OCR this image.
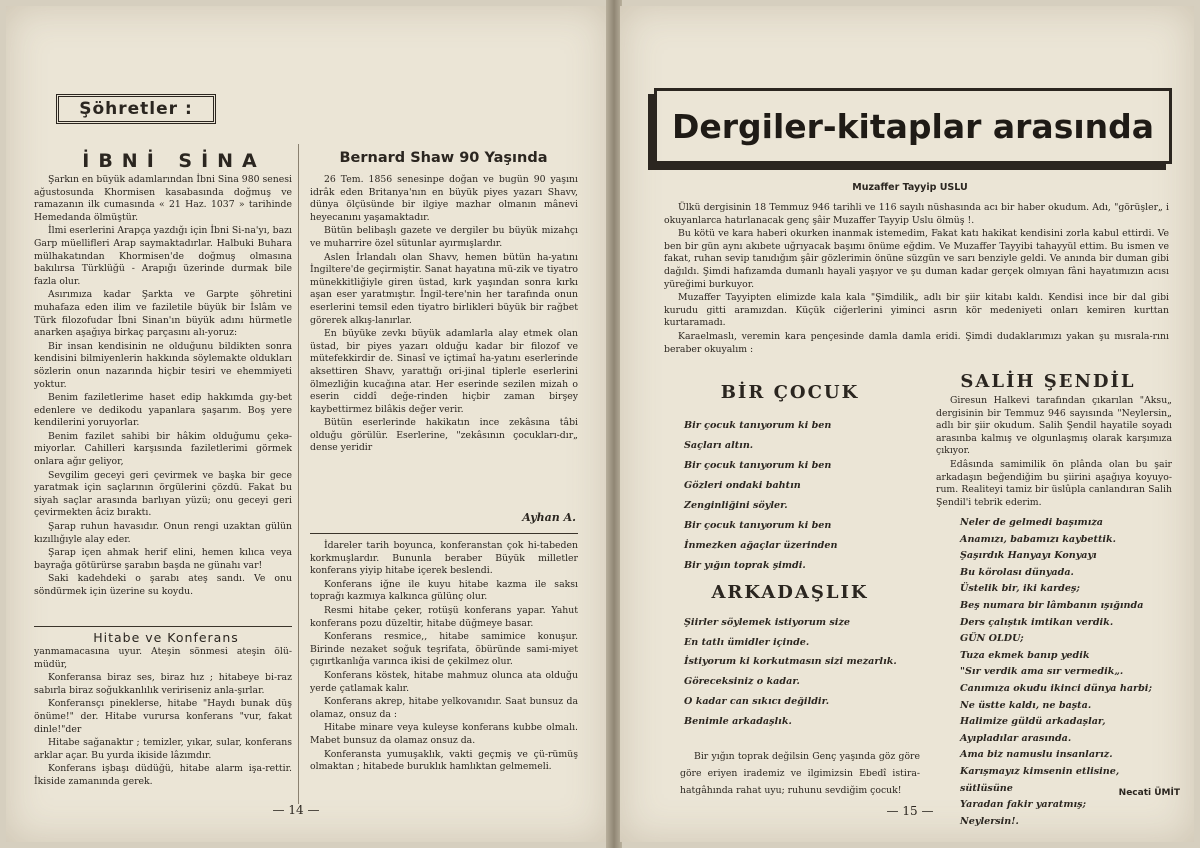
Şöhretler :
İBNİ SİNA	Bernard Shaw 90 Yaşında

Şarkın en büyük adamlarından İbni Sina 980 senesi ağustosunda Khormisen kasabasında doğmuş ve ramazanın ilk cumasında « 21 Haz. 1037 » tarihinde Hemedanda ölmüştür.

İlmi eserlerini Arapça yazdığı için İbni Si-na'yı, bazı Garp müellifleri Arap saymaktadırlar. Halbuki Buhara mülhakatından Khormisen'de doğmuş olmasına bakılırsa Türklüğü - Arapığı üzerinde durmak bile fazla olur.

Asırımıza kadar Şarkta ve Garpte şöhretini muhafaza eden ilim ve faziletile büyük bir İslâm ve Türk filozofudar İbni Sinan'ın büyük adını hürmetle anarken aşağıya birkaç parçasını alı-yoruz:

Bir insan kendisinin ne olduğunu bildikten sonra kendisini bilmiyenlerin hakkında söylemakte oldukları sözlerin onun nazarında hiçbir tesiri ve ehemmiyeti yoktur.

Benim faziletlerime haset edip hakkımda gıy-bet edenlere ve dedikodu yapanlara şaşarım. Boş yere kendilerini yoruyorlar.

Benim fazilet sahibi bir hâkim olduğumu çekə-miyorlar. Cahilleri karşısında faziletlerimi görmek onlara ağır geliyor,

Sevgilim geceyi geri çevirmek ve başka bir gece yaratmak için saçlarının örgülerini çözdü. Fakat bu siyah saçlar arasında barlıyan yüzü; onu geceyi geri çevirmekten âciz bıraktı.

Şarap ruhun havasıdır. Onun rengi uzaktan gülün kızıllığıyle alay eder.

Şarap içen ahmak herif elini, hemen kılıca veya bayrağa götürürse şarabın başda ne günahı var!

Saki kadehdeki o şarabı ateş sandı. Ve onu söndürmek için üzerine su koydu.

26 Tem. 1856 senesinpe doğan ve bugün 90 yaşını idrâk eden Britanya'nın en büyük piyes yazarı Shavv, dünya ölçüsünde bir ilgiye mazhar olmanın mânevi heyecanını yaşamaktadır.

Bütün belibaşlı gazete ve dergiler bu büyük mizahçı ve muharrire özel sütunlar ayırmışlardır.

Aslen İrlandalı olan Shavv, hemen bütün ha-yatını İngiltere'de geçirmiştir. Sanat hayatına mü-zik ve tiyatro münekkitliğiyle giren üstad, kırk yaşından sonra kırkı aşan eser yaratmıştır. İngil-tere'nin her tarafında onun eserlerini temsil eden tiyatro birlikleri büyük bir rağbet görerek alkış-lanırlar.

En büyüke zevkı büyük adamlarla alay etmek olan üstad, bir piyes yazarı olduğu kadar bir filozof ve mütefekkirdir de. Sinasî ve içtimaî ha-yatını eserlerinde aksettiren Shavv, yarattığı ori-jinal tiplerle eserlerini ölmezliğin kucağına atar. Her eserinde sezilen mizah o eserin ciddî değe-rinden hiçbir zaman birşey kaybettirmez bilâkis değer verir.

Bütün eserlerinde hakikatın ince zekâsına tâbi olduğu görülür. Eserlerine, "zekâsının çocukları-dır„ dense yeridir

Ayhan A.
Hitabe ve Konferans

yanmamacasına uyur. Ateşin sönmesi ateşin ölü-müdür,

Konferansa biraz ses, biraz hız ; hitabeye bi-raz sabırla biraz soğukkanlılık veririseniz anla-şırlar.

Konferansçı pineklerse, hitabe "Haydı bunak düş önüme!" der. Hitabe vurursa konferans "vur, fakat dinle!"der

Hitabe sağanaktır ; temizler, yıkar, sular, konferans arklar açar. Bu yurda ikiside lâzımdır.

Konferans işbaşı düdüğü, hitabe alarm işa-rettir. İkiside zamanında gerek.

İdareler tarih boyunca, konferanstan çok hi-tabeden korkmuşlardır. Bununla beraber Büyük milletler konferans yiyip hitabe içerek beslendi.

Konferans iğne ile kuyu hitabe kazma ile saksı toprağı kazmıya kalkınca gülünç olur.

Resmi hitabe çeker, rotüşü konferans yapar. Yahut konferans pozu düzeltir, hitabe düğmeye basar.

Konferans resmice,, hitabe samimice konuşur. Birinde nezaket soğuk teşrifata, öbüründe sami-miyet çıgırtkanlığa varınca ikisi de çekilmez olur.

Konferans köstek, hitabe mahmuz olunca ata olduğu yerde çatlamak kalır.

Konferans akrep, hitabe yelkovanıdır. Saat bunsuz da olamaz, onsuz da :

Hitabe minare veya kuleyse konferans kubbe olmalı. Mabet bunsuz da olamaz onsuz da.

Konferansta yumuşaklık, vakti geçmiş ve çü-rümüş olmaktan ; hitabede buruklık hamlıktan gelmemeli.

— 14 —
Dergiler-kitaplar arasında
Muzaffer Tayyip USLU

Ülkü dergisinin 18 Temmuz 946 tarihli ve 116 sayılı nüshasında acı bir haber okudum. Adı, "görüşler„ i okuyanlarca hatırlanacak genç şâir Muzaffer Tayyip Uslu ölmüş !.

Bu kötü ve kara haberi okurken inanmak istemedim, Fakat katı hakikat kendisini zorla kabul ettirdi. Ve ben bir gün aynı akıbete uğrıyacak başımı önüme eğdim. Ve Muzaffer Tayyibi tahayyül ettim. Bu ismen ve fakat, ruhan sevip tanıdığım şâir gözlerimin önüne süzgün ve sarı benziyle geldi. Ve anında bir duman gibi dağıldı. Şimdi hafızamda dumanlı hayali yaşıyor ve şu duman kadar gerçek olmıyan fâni hayatımızın acısı yüreğimi burkuyor.

Muzaffer Tayyipten elimizde kala kala "Şimdilik„ adlı bir şiir kitabı kaldı. Kendisi ince bir dal gibi kurudu gitti aramızdan. Küçük ciğerlerini yiminci asrın kör medeniyeti onları kemiren kurttan kurtaramadı.

Karaelmaslı, veremin kara pençesinde damla damla eridi. Şimdi dudaklarımızı yakan şu mısrala-rını beraber okuyalım :

BİR ÇOCUK

Bir çocuk tanıyorum ki ben

Saçları altın.

Bir çocuk tanıyorum ki ben

Gözleri ondaki bahtın

Zenginliğini söyler.

Bir çocuk tanıyorum ki ben

İnmezken ağaçlar üzerinden

Bir yığın toprak şimdi.

ARKADAŞLIK

Şiirler söylemek istiyorum size

En tatlı ümidler içinde.

İstiyorum ki korkutmasın sizi mezarlık.

Göreceksiniz o kadar.

O kadar can sıkıcı değildir.

Benimle arkadaşlık.

Bir yığın toprak değilsin Genç yaşında göz göre göre eriyen irademiz ve ilgimizsin Ebedî istira-hatgâhında rahat uyu; ruhunu sevdiğim çocuk!

SALİH ŞENDİL

Giresun Halkevi tarafından çıkarılan "Aksu„ dergisinin bir Temmuz 946 sayısında "Neylersin„ adlı bir şiir okudum. Salih Şendil hayatile soyadı arasınba kalmış ve olgunlaşmış olarak karşımıza çıkıyor.

Edâsında samimilik ön plânda olan bu şair arkadaşın beğendiğim bu şiirini aşağıya koyuyo-rum. Realiteyi tamiz bir üslûpla canlandıran Salih Şendil'i tebrik ederim.

Neler de gelmedi başımıza

Anamızı, babamızı kaybettik.

Şaşırdık Hanyayı Konyayı

Bu körolası dünyada.

Üstelik bir, iki kardeş;

Beş numara bir lâmbanın ışığında

Ders çalıştık imtikan verdik.

GÜN OLDU;

Tuza ekmek banıp yedik

"Sır verdik ama sır vermedik„.

Canımıza okudu ikinci dünya harbi;

Ne üstte kaldı, ne başta.

Halimize güldü arkadaşlar,

Ayıpladılar arasında.

Ama biz namuslu insanlarız.

Karışmayız kimsenin etlisine, sütlüsüne

Yaradan fakir yaratmış;

Neylersin!.

Necati ÜMİT
— 15 —
